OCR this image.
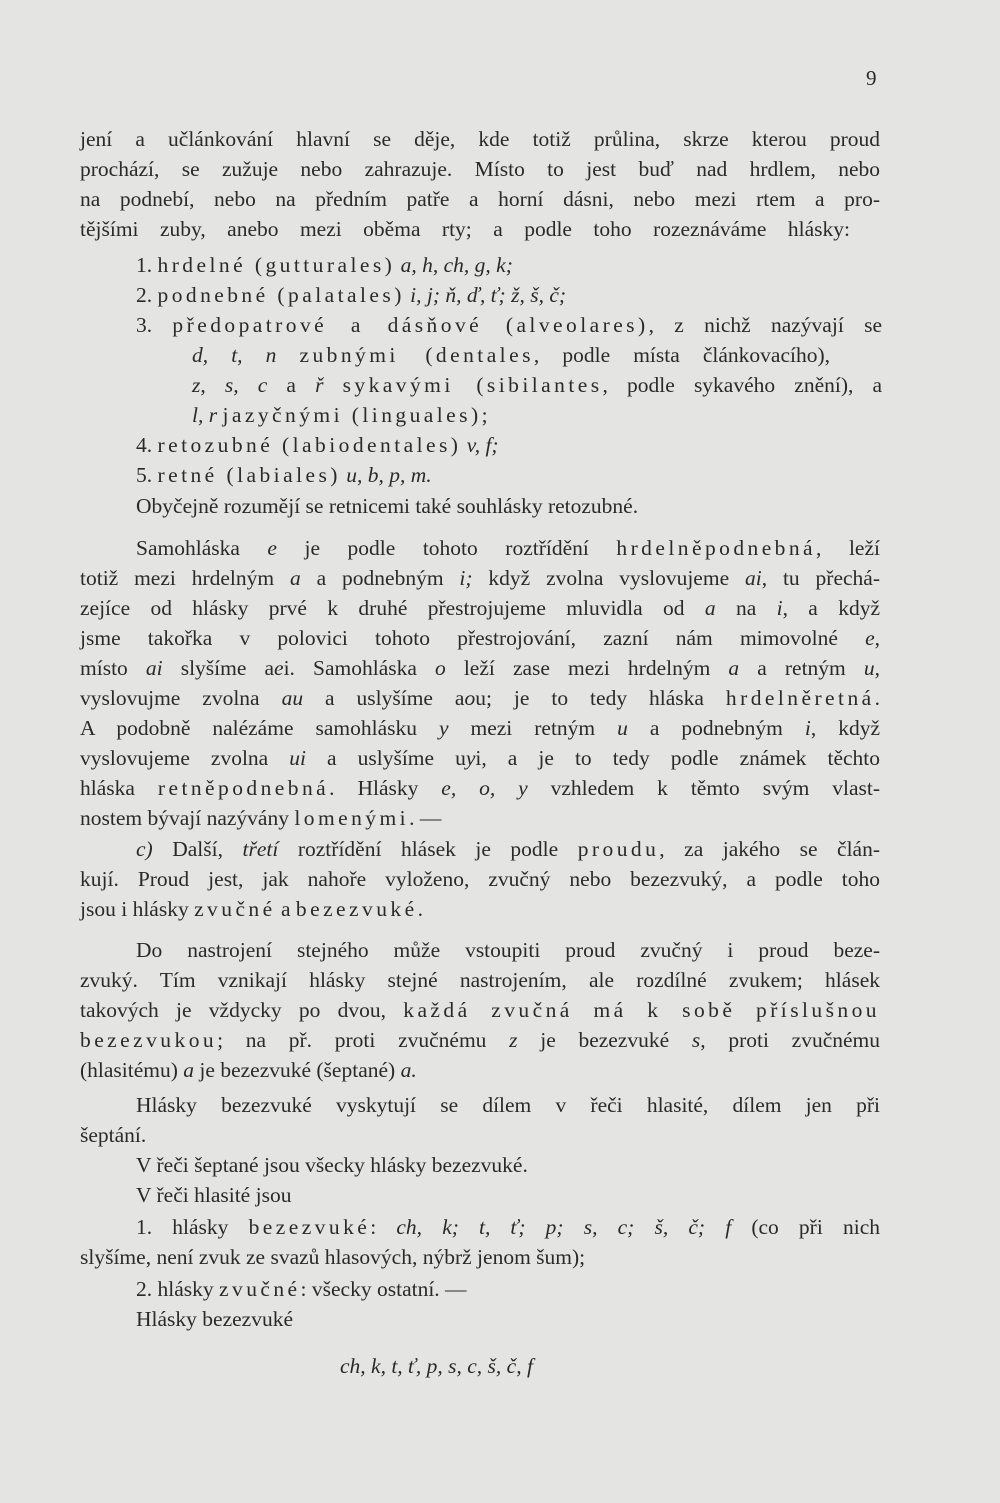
9
jení a učlánkování hlavní se děje, kde totiž průlina, skrze kterou proud
prochází, se zužuje nebo zahrazuje. Místo to jest buď nad hrdlem, nebo
na podnebí, nebo na předním patře a horní dásni, nebo mezi rtem a pro-
tějšími zuby, anebo mezi oběma rty; a podle toho rozeznáváme hlásky:
1. hrdelné (gutturales) a, h, ch, g, k;
2. podnebné (palatales) i, j; ň, ď, ť; ž, š, č;
3. předopatrové a dásňové (alveolares), z nichž nazývají se
d, t, n zubnými (dentales, podle místa článkovacího),
z, s, c a ř sykavými (sibilantes, podle sykavého znění), a
l, r jazyčnými (linguales);
4. retozubné (labiodentales) v, f;
5. retné (labiales) u, b, p, m.
Obyčejně rozumějí se retnicemi také souhlásky retozubné.
Samohláska e je podle tohoto roztřídění hrdelněpodnebná, leží
totiž mezi hrdelným a a podnebným i; když zvolna vyslovujeme ai, tu přechá-
zejíce od hlásky prvé k druhé přestrojujeme mluvidla od a na i, a když
jsme takořka v polovici tohoto přestrojování, zazní nám mimovolné e,
místo ai slyšíme aei. Samohláska o leží zase mezi hrdelným a a retným u,
vyslovujme zvolna au a uslyšíme aou; je to tedy hláska hrdelněretná.
A podobně nalézáme samohlásku y mezi retným u a podnebným i, když
vyslovujeme zvolna ui a uslyšíme uyi, a je to tedy podle známek těchto
hláska retněpodnebná. Hlásky e, o, y vzhledem k těmto svým vlast-
nostem bývají nazývány lomenými. —
c) Další, třetí roztřídění hlásek je podle proudu, za jakého se člán-
kují. Proud jest, jak nahoře vyloženo, zvučný nebo bezezvuký, a podle toho
jsou i hlásky zvučné a bezezvuké.
Do nastrojení stejného může vstoupiti proud zvučný i proud beze-
zvuký. Tím vznikají hlásky stejné nastrojením, ale rozdílné zvukem; hlásek
takových je vždycky po dvou, každá zvučná má k sobě příslušnou
bezezvukou; na př. proti zvučnému z je bezezvuké s, proti zvučnému
(hlasitému) a je bezezvuké (šeptané) a.
Hlásky bezezvuké vyskytují se dílem v řeči hlasité, dílem jen při
šeptání.
V řeči šeptané jsou všecky hlásky bezezvuké.
V řeči hlasité jsou
1. hlásky bezezvuké: ch, k; t, ť; p; s, c; š, č; f (co při nich
slyšíme, není zvuk ze svazů hlasových, nýbrž jenom šum);
2. hlásky zvučné: všecky ostatní. —
Hlásky bezezvuké
ch, k, t, ť, p, s, c, š, č, f
